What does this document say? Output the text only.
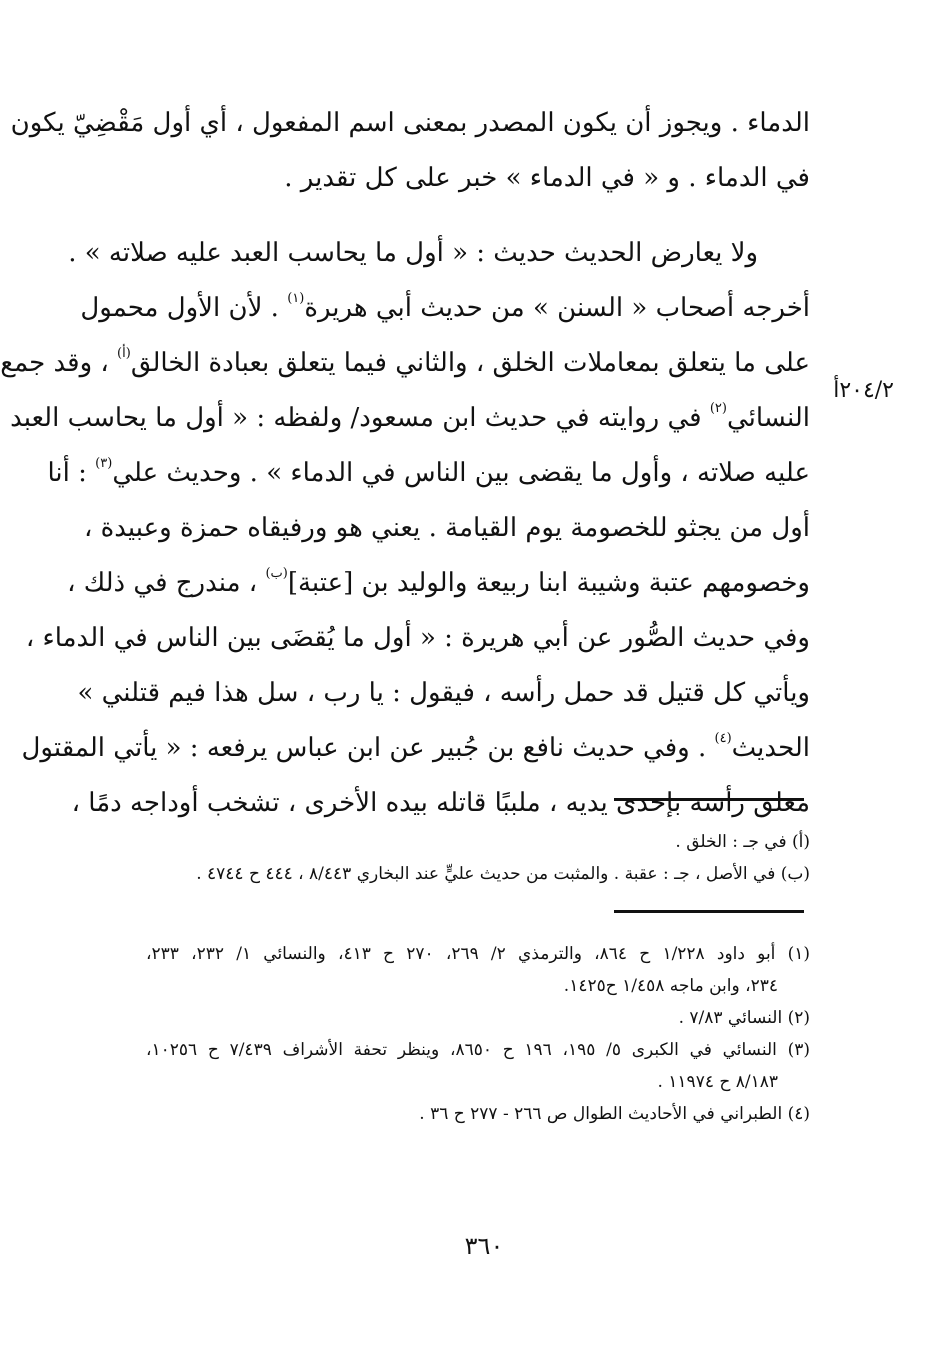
الدماء . ويجوز أن يكون المصدر بمعنى اسم المفعول ، أي أول مَقْضِيّ يكون
في الدماء . و « في الدماء » خبر على كل تقدير .
  ولا يعارض الحديث حديث : « أول ما يحاسب العبد عليه صلاته » .
أخرجه أصحاب « السنن » من حديث أبي هريرة$^{(١)}$ . لأن الأول محمول
على ما يتعلق بمعاملات الخلق ، والثاني فيما يتعلق بعبادة الخالق$^{(أ)}$ ، وقد جمع
النسائي$^{(٢)}$ في روايته في حديث ابن مسعود/ ولفظه : « أول ما يحاسب العبد
عليه صلاته ، وأول ما يقضى بين الناس في الدماء » . وحديث علي$^{(٣)}$ : أنا
أول من يجثو للخصومة يوم القيامة . يعني هو ورفيقاه حمزة وعبيدة ،
وخصومهم عتبة وشيبة ابنا ربيعة والوليد بن [عتبة]$^{(ب)}$ ، مندرج في ذلك ،
وفي حديث الصُّور عن أبي هريرة : « أول ما يُقضَى بين الناس في الدماء ،
ويأتي كل قتيل قد حمل رأسه ، فيقول : يا رب ، سل هذا فيم قتلني »
الحديث$^{(٤)}$ . وفي حديث نافع بن جُبير عن ابن عباس يرفعه : « يأتي المقتول
معلق رأسه بإحدى يديه ، ملببًا قاتله بيده الأخرى ، تشخب أوداجه دمًا ،
٢٠٤/٢أ
(أ) في جـ : الخلق .
(ب) في الأصل ، جـ : عقبة . والمثبت من حديث عليٍّ عند البخاري ٨/٤٤٣ ، ٤٤٤ ح ٤٧٤٤ .
(١) أبو داود ١/٢٢٨ ح ٨٦٤، والترمذي ٢/ ٢٦٩، ٢٧٠ ح ٤١٣، والنسائي ١/ ٢٣٢، ٢٣٣،
٢٣٤، وابن ماجه ١/٤٥٨ ح١٤٢٥.
(٢) النسائي ٧/٨٣ .
(٣) النسائي في الكبرى ٥/ ١٩٥، ١٩٦ ح ٨٦٥٠، وينظر تحفة الأشراف ٧/٤٣٩ ح ١٠٢٥٦،
٨/١٨٣ ح ١١٩٧٤ .
(٤) الطبراني في الأحاديث الطوال ص ٢٦٦ - ٢٧٧ ح ٣٦ .
٣٦٠
